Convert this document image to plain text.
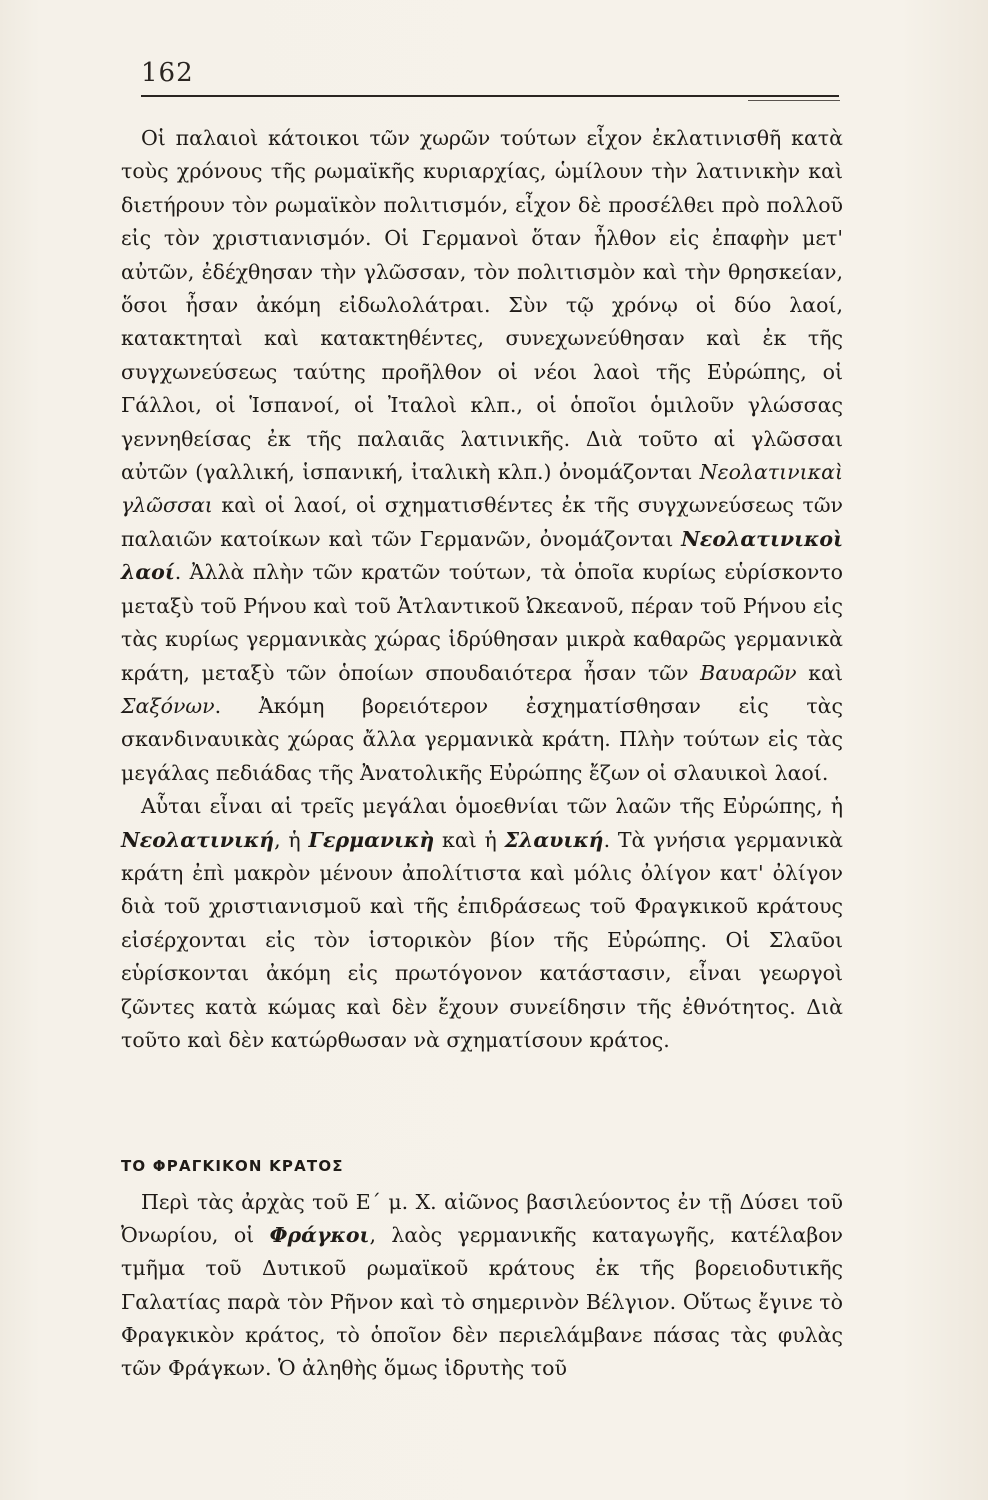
162

Οἱ παλαιοὶ κάτοικοι τῶν χωρῶν τούτων εἶχον ἐκλατινισθῆ κατὰ τοὺς χρόνους τῆς ρωμαϊκῆς κυριαρχίας, ὡμίλουν τὴν λατινικὴν καὶ διετήρουν τὸν ρωμαϊκὸν πολιτισμόν, εἶχον δὲ προσέλθει πρὸ πολλοῦ εἰς τὸν χριστιανισμόν. Οἱ Γερμανοὶ ὅταν ἦλθον εἰς ἐπαφὴν μετ' αὐτῶν, ἐδέχθησαν τὴν γλῶσσαν, τὸν πολιτισμὸν καὶ τὴν θρησκείαν, ὅσοι ἦσαν ἀκόμη εἰδωλολάτραι. Σὺν τῷ χρόνῳ οἱ δύο λαοί, κατακτηταὶ καὶ κατακτηθέντες, συνεχωνεύθησαν καὶ ἐκ τῆς συγχωνεύσεως ταύτης προῆλθον οἱ νέοι λαοὶ τῆς Εὐρώπης, οἱ Γάλλοι, οἱ Ἱσπανοί, οἱ Ἰταλοὶ κλπ., οἱ ὁποῖοι ὁμιλοῦν γλώσσας γεννηθείσας ἐκ τῆς παλαιᾶς λατινικῆς. Διὰ τοῦτο αἱ γλῶσσαι αὐτῶν (γαλλική, ἱσπανική, ἰταλικὴ κλπ.) ὀνομάζονται Νεολατινικαὶ γλῶσσαι καὶ οἱ λαοί, οἱ σχηματισθέντες ἐκ τῆς συγχωνεύσεως τῶν παλαιῶν κατοίκων καὶ τῶν Γερμανῶν, ὀνομάζονται Νεολατινικοὶ λαοί. Ἀλλὰ πλὴν τῶν κρατῶν τούτων, τὰ ὁποῖα κυρίως εὑρίσκοντο μεταξὺ τοῦ Ρήνου καὶ τοῦ Ἀτλαντικοῦ Ὠκεανοῦ, πέραν τοῦ Ρήνου εἰς τὰς κυρίως γερμανικὰς χώρας ἱδρύθησαν μικρὰ καθαρῶς γερμανικὰ κράτη, μεταξὺ τῶν ὁποίων σπουδαιότερα ἦσαν τῶν Βαυαρῶν καὶ Σαξόνων. Ἀκόμη βορειότερον ἐσχηματίσθησαν εἰς τὰς σκανδιναυικὰς χώρας ἄλλα γερμανικὰ κράτη. Πλὴν τούτων εἰς τὰς μεγάλας πεδιάδας τῆς Ἀνατολικῆς Εὐρώπης ἔζων οἱ σλαυικοὶ λαοί.

Αὗται εἶναι αἱ τρεῖς μεγάλαι ὁμοεθνίαι τῶν λαῶν τῆς Εὐρώπης, ἡ Νεολατινική, ἡ Γερμανικὴ καὶ ἡ Σλαυική. Τὰ γνήσια γερμανικὰ κράτη ἐπὶ μακρὸν μένουν ἀπολίτιστα καὶ μόλις ὀλίγον κατ' ὀλίγον διὰ τοῦ χριστιανισμοῦ καὶ τῆς ἐπιδράσεως τοῦ Φραγκικοῦ κράτους εἰσέρχονται εἰς τὸν ἱστορικὸν βίον τῆς Εὐρώπης. Οἱ Σλαῦοι εὑρίσκονται ἀκόμη εἰς πρωτόγονον κατάστασιν, εἶναι γεωργοὶ ζῶντες κατὰ κώμας καὶ δὲν ἔχουν συνείδησιν τῆς ἐθνότητος. Διὰ τοῦτο καὶ δὲν κατώρθωσαν νὰ σχηματίσουν κράτος.

ΤΟ ΦΡΑΓΚΙΚΟΝ ΚΡΑΤΟΣ

Περὶ τὰς ἀρχὰς τοῦ Ε΄ μ. Χ. αἰῶνος βασιλεύοντος ἐν τῇ Δύσει τοῦ Ὀνωρίου, οἱ Φράγκοι, λαὸς γερμανικῆς καταγωγῆς, κατέλαβον τμῆμα τοῦ Δυτικοῦ ρωμαϊκοῦ κράτους ἐκ τῆς βορειοδυτικῆς Γαλατίας παρὰ τὸν Ρῆνον καὶ τὸ σημερινὸν Βέλγιον. Οὕτως ἔγινε τὸ Φραγκικὸν κράτος, τὸ ὁποῖον δὲν περιελάμβανε πάσας τὰς φυλὰς τῶν Φράγκων. Ὁ ἀληθὴς ὅμως ἱδρυτὴς τοῦ
